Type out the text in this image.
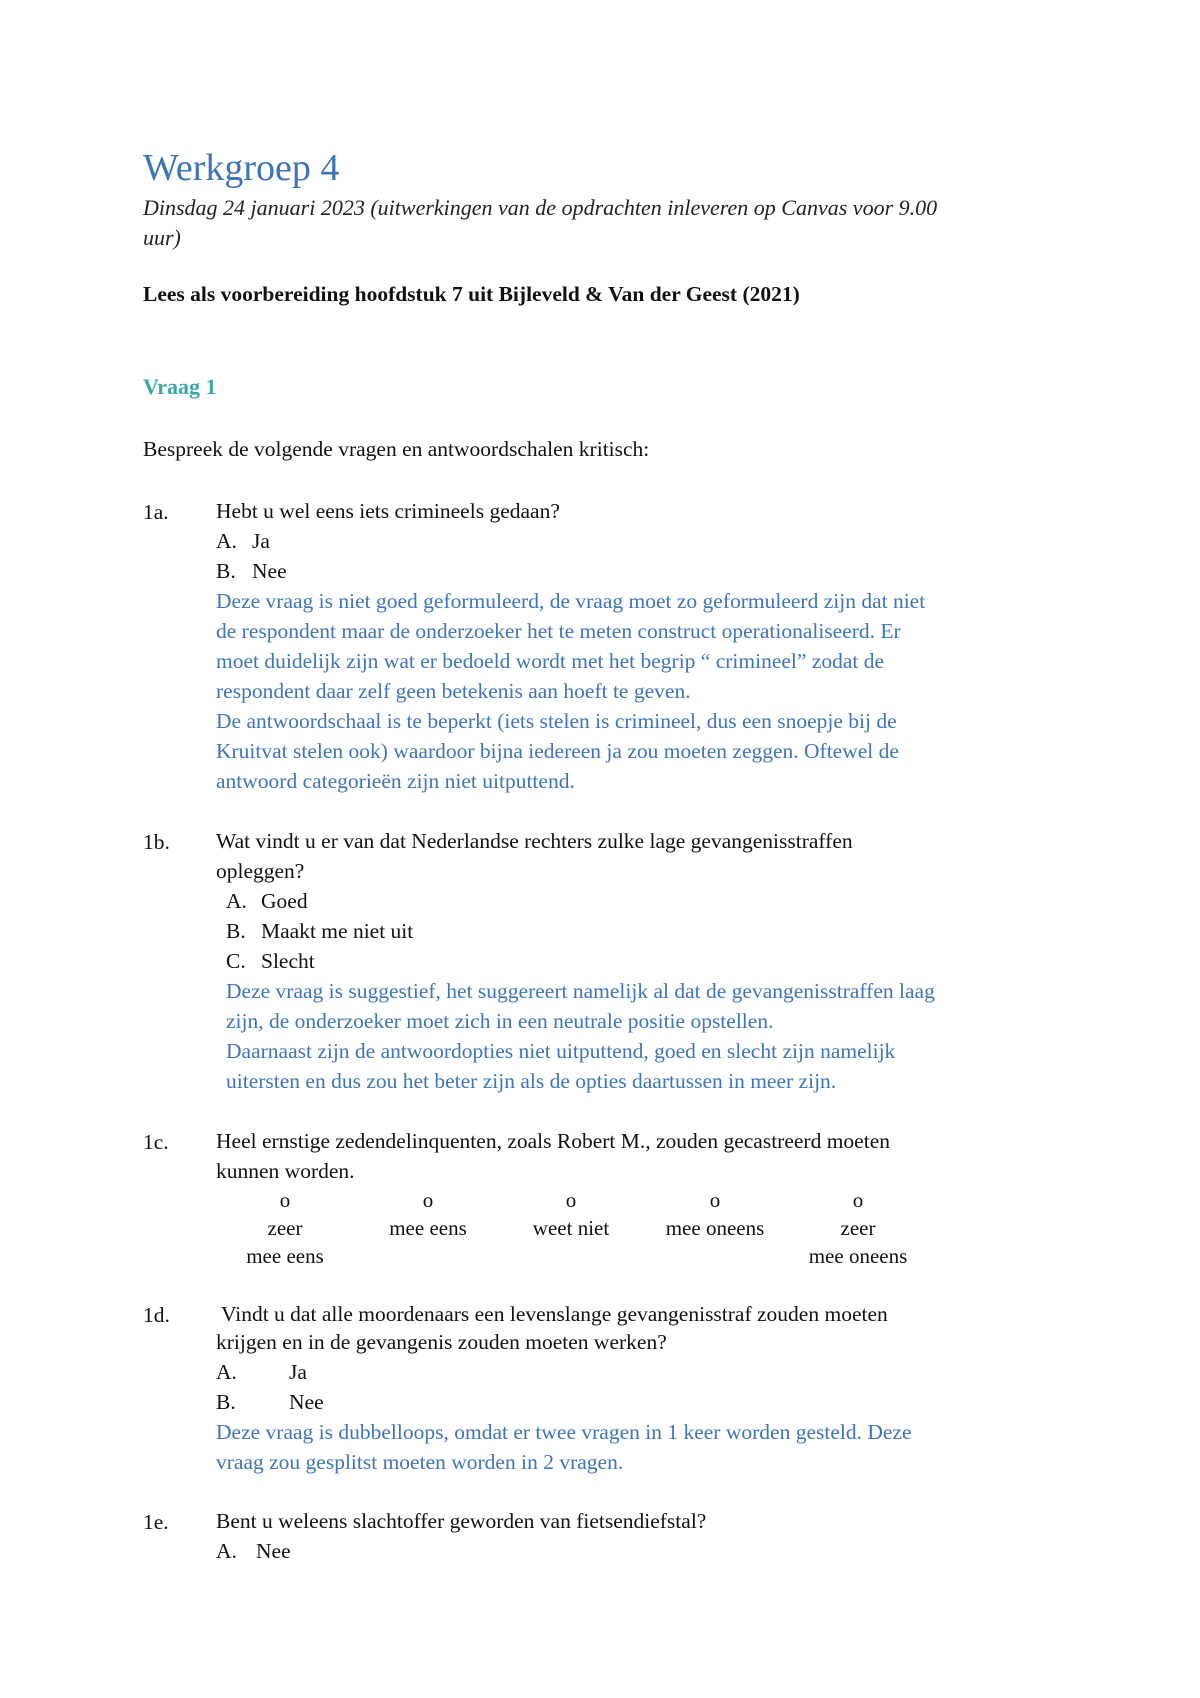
Werkgroep 4
Dinsdag 24 januari 2023 (uitwerkingen van de opdrachten inleveren op Canvas voor 9.00
uur)
Lees als voorbereiding hoofdstuk 7 uit Bijleveld & Van der Geest (2021)
Vraag 1
Bespreek de volgende vragen en antwoordschalen kritisch:
1a. Hebt u wel eens iets crimineels gedaan?
A. Ja
B. Nee
Deze vraag is niet goed geformuleerd, de vraag moet zo geformuleerd zijn dat niet
de respondent maar de onderzoeker het te meten construct operationaliseerd. Er
moet duidelijk zijn wat er bedoeld wordt met het begrip “ crimineel” zodat de
respondent daar zelf geen betekenis aan hoeft te geven.
De antwoordschaal is te beperkt (iets stelen is crimineel, dus een snoepje bij de
Kruitvat stelen ook) waardoor bijna iedereen ja zou moeten zeggen. Oftewel de
antwoord categorieën zijn niet uitputtend.
1b. Wat vindt u er van dat Nederlandse rechters zulke lage gevangenisstraffen
opleggen?
A. Goed
B. Maakt me niet uit
C. Slecht
Deze vraag is suggestief, het suggereert namelijk al dat de gevangenisstraffen laag
zijn, de onderzoeker moet zich in een neutrale positie opstellen.
Daarnaast zijn de antwoordopties niet uitputtend, goed en slecht zijn namelijk
uitersten en dus zou het beter zijn als de opties daartussen in meer zijn.
1c. Heel ernstige zedendelinquenten, zoals Robert M., zouden gecastreerd moeten
kunnen worden.
o
zeer
mee eens
o
mee eens
o
weet niet
o
mee oneens
o
zeer
mee oneens
1d. Vindt u dat alle moordenaars een levenslange gevangenisstraf zouden moeten
krijgen en in de gevangenis zouden moeten werken?
A. Ja
B. Nee
Deze vraag is dubbelloops, omdat er twee vragen in 1 keer worden gesteld. Deze
vraag zou gesplitst moeten worden in 2 vragen.
1e. Bent u weleens slachtoffer geworden van fietsendiefstal?
A. Nee
